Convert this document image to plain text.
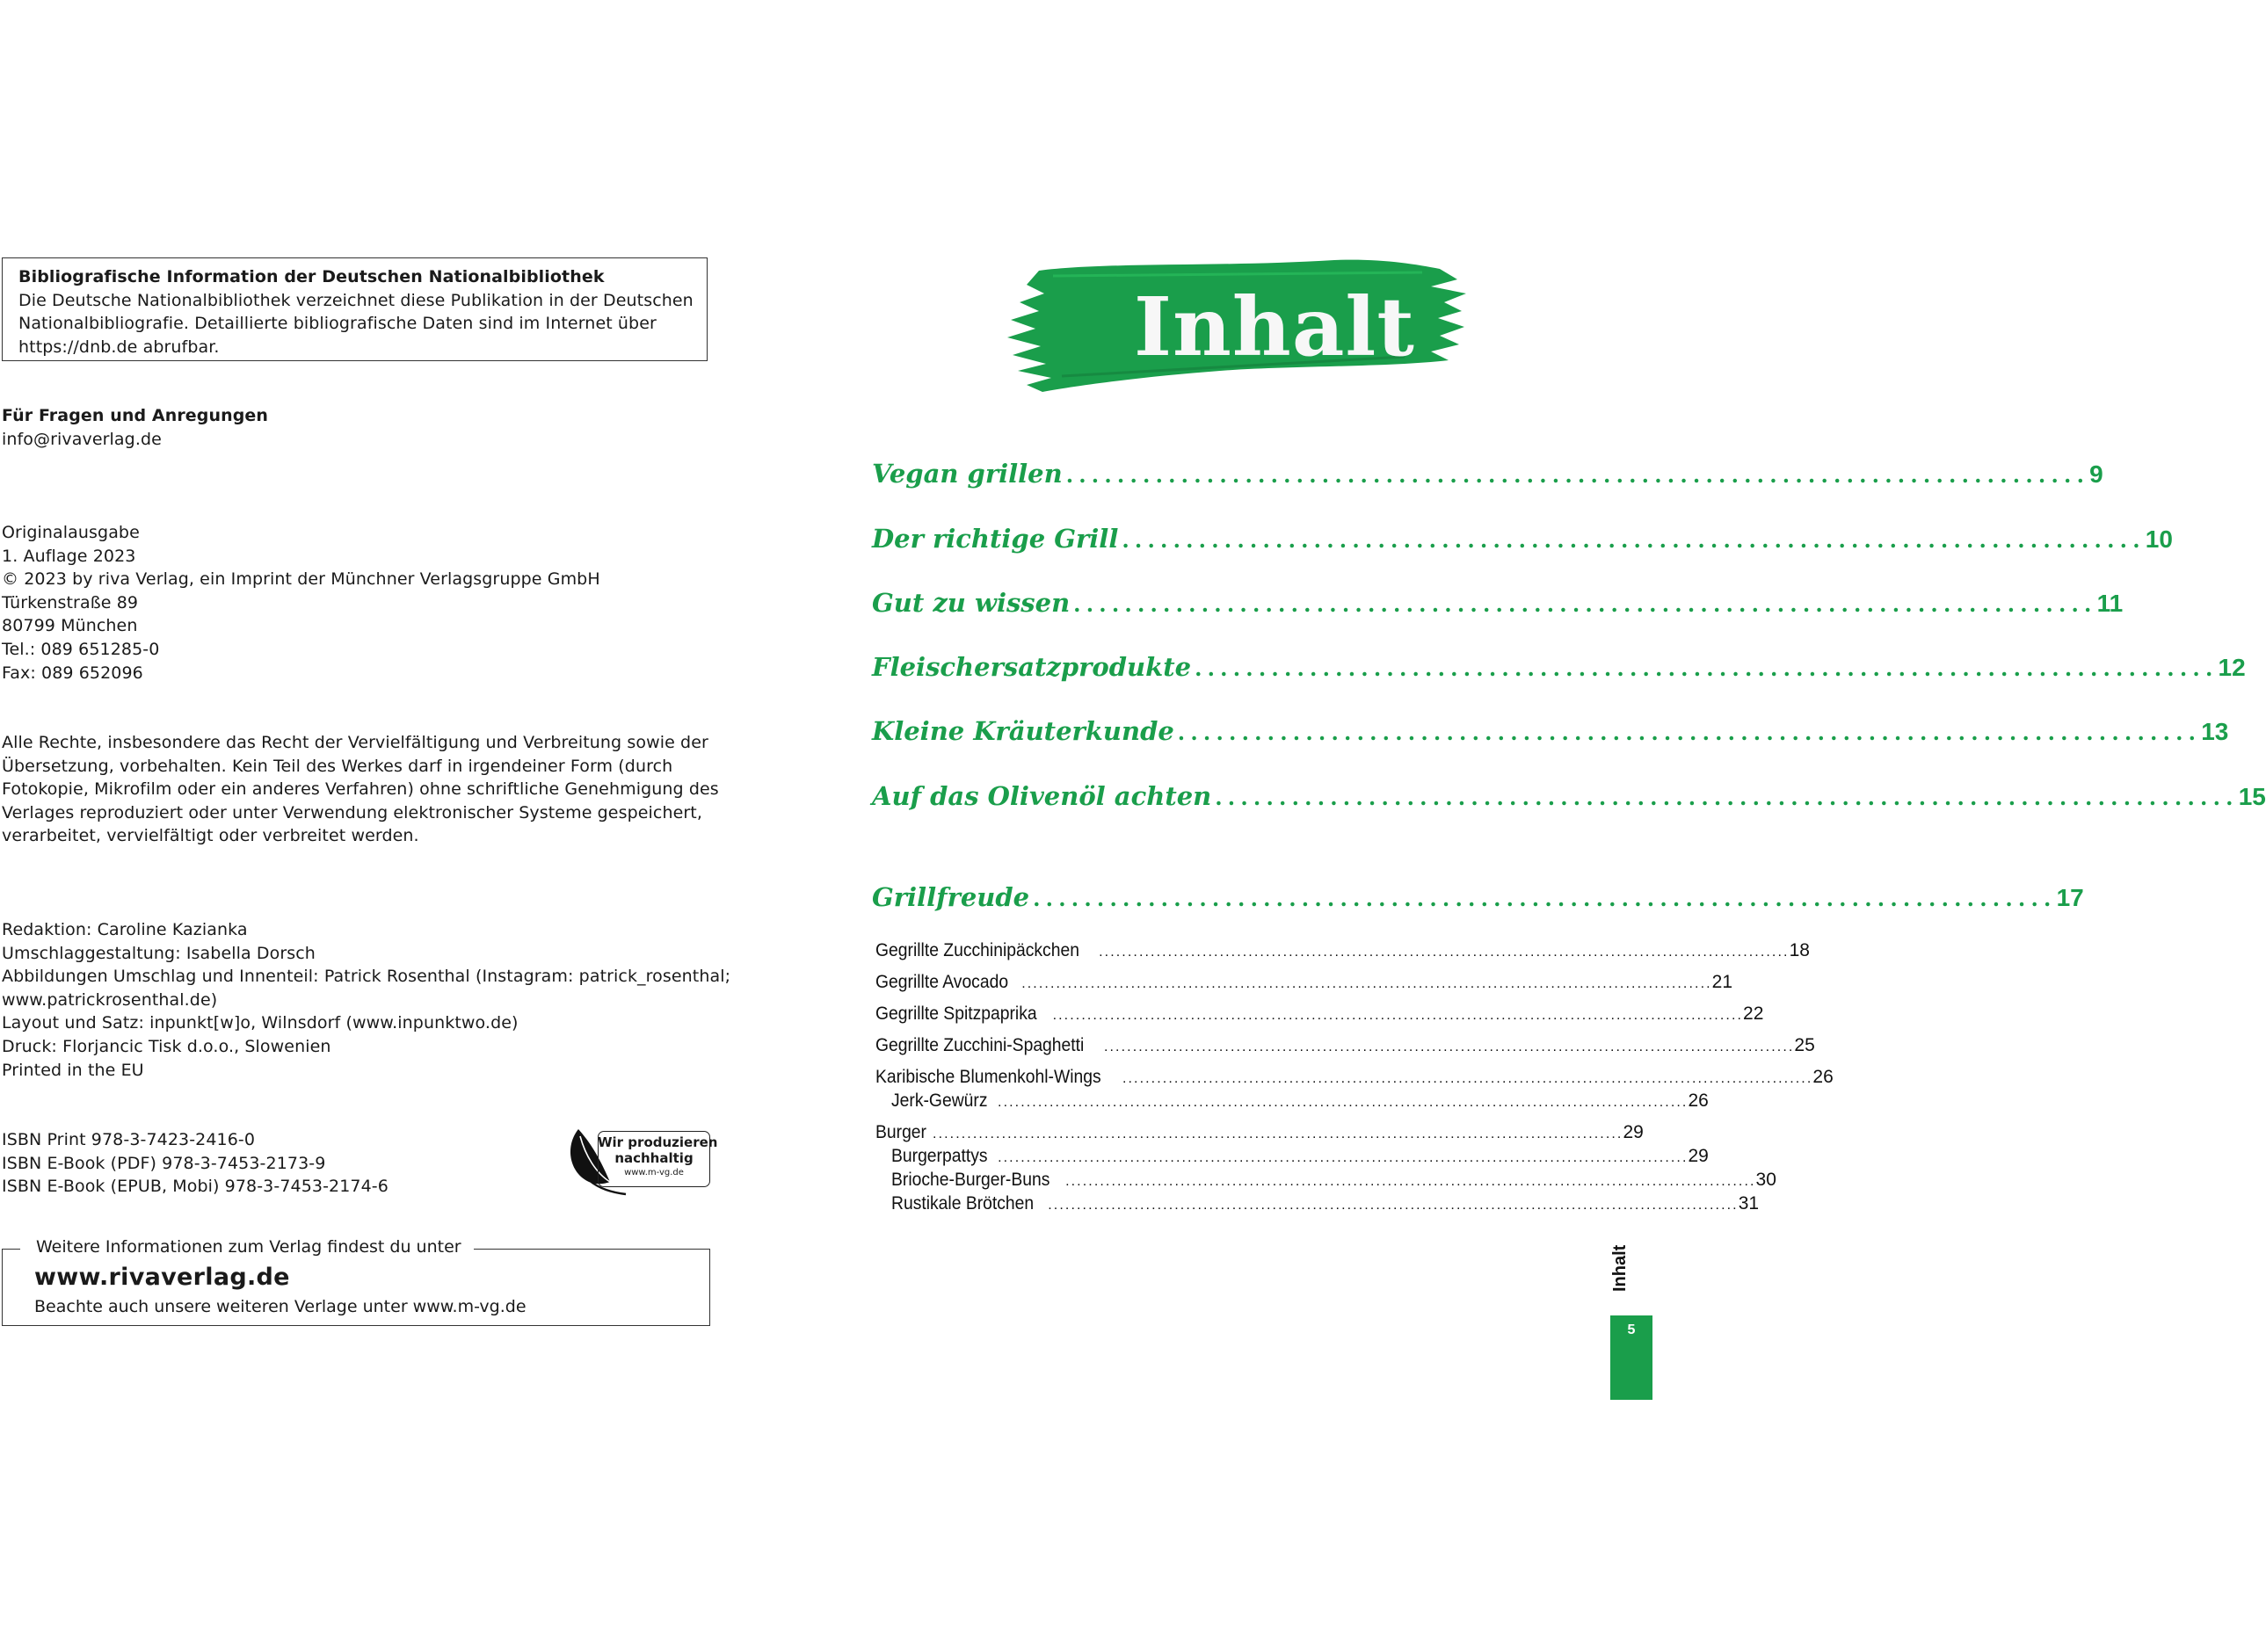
Bibliografische Information der Deutschen Nationalbibliothek
Die Deutsche Nationalbibliothek verzeichnet diese Publikation in der Deutschen
Nationalbibliografie. Detaillierte bibliografische Daten sind im Internet über
https://dnb.de abrufbar.
Für Fragen und Anregungen
info@rivaverlag.de
Originalausgabe
1. Auflage 2023
© 2023 by riva Verlag, ein Imprint der Münchner Verlagsgruppe GmbH
Türkenstraße 89
80799 München
Tel.: 089 651285-0
Fax: 089 652096
Alle Rechte, insbesondere das Recht der Vervielfältigung und Verbreitung sowie der
Übersetzung, vorbehalten. Kein Teil des Werkes darf in irgendeiner Form (durch
Fotokopie, Mikrofilm oder ein anderes Verfahren) ohne schriftliche Genehmigung des
Verlages reproduziert oder unter Verwendung elektronischer Systeme gespeichert,
verarbeitet, vervielfältigt oder verbreitet werden.
Redaktion: Caroline Kazianka
Umschlaggestaltung: Isabella Dorsch
Abbildungen Umschlag und Innenteil: Patrick Rosenthal (Instagram: patrick_rosenthal;
www.patrickrosenthal.de)
Layout und Satz: inpunkt[w]o, Wilnsdorf (www.inpunktwo.de)
Druck: Florjancic Tisk d.o.o., Slowenien
Printed in the EU
ISBN Print 978-3-7423-2416-0
ISBN E-Book (PDF) 978-3-7453-2173-9
ISBN E-Book (EPUB, Mobi) 978-3-7453-2174-6
Wir produzieren
nachhaltig
www.m-vg.de
Weitere Informationen zum Verlag findest du unter
www.rivaverlag.de
Beachte auch unsere weiteren Verlage unter www.m-vg.de
Inhalt
Vegan grillen ................................................................................ 9
Der richtige Grill ................................................................................ 10
Gut zu wissen ................................................................................ 11
Fleischersatzprodukte ................................................................................ 12
Kleine Kräuterkunde ................................................................................ 13
Auf das Olivenöl achten ................................................................................ 15
Grillfreude ................................................................................ 17
Gegrillte Zucchinipäckchen ........................................................................................................................ 18
Gegrillte Avocado ........................................................................................................................ 21
Gegrillte Spitzpaprika ........................................................................................................................ 22
Gegrillte Zucchini-Spaghetti ........................................................................................................................ 25
Karibische Blumenkohl-Wings ........................................................................................................................ 26
Jerk-Gewürz ........................................................................................................................ 26
Burger ........................................................................................................................ 29
Burgerpattys ........................................................................................................................ 29
Brioche-Burger-Buns ........................................................................................................................ 30
Rustikale Brötchen ........................................................................................................................ 31
Inhalt
5
